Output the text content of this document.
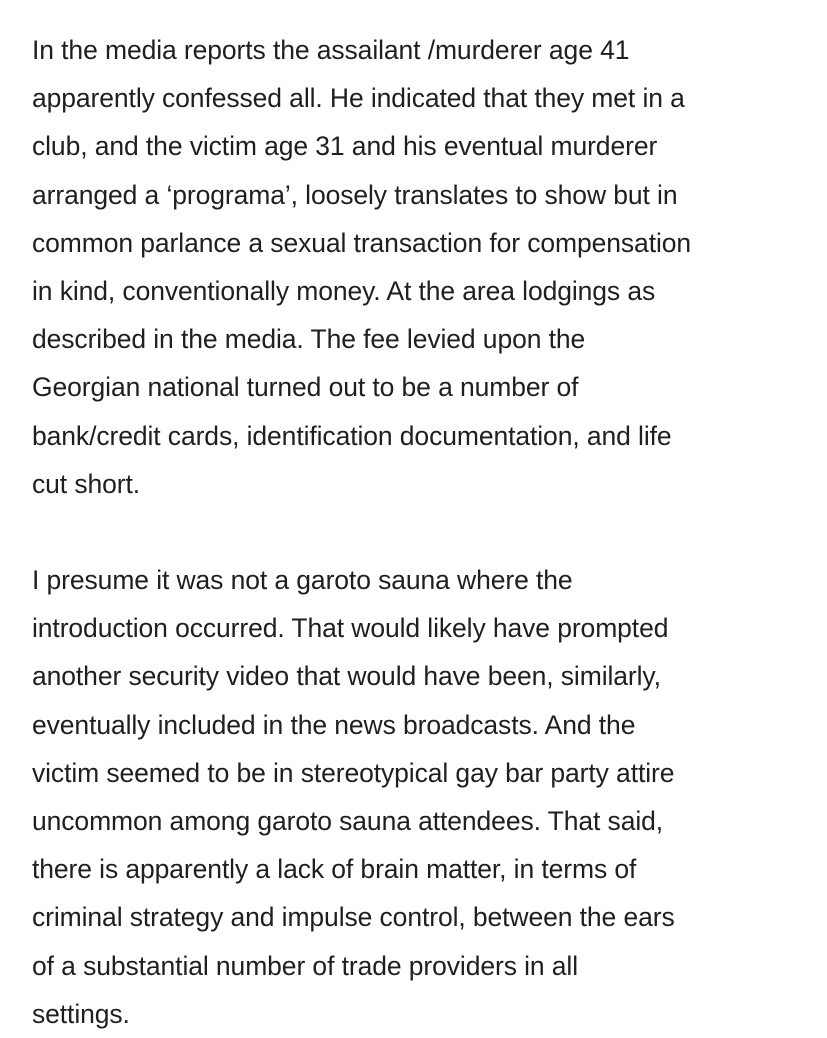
In the media reports the assailant /murderer age 41
apparently confessed all. He indicated that they met in a
club, and the victim age 31 and his eventual murderer
arranged a ‘programa’, loosely translates to show but in
common parlance a sexual transaction for compensation
in kind, conventionally money. At the area lodgings as
described in the media. The fee levied upon the
Georgian national turned out to be a number of
bank/credit cards, identification documentation, and life
cut short.

I presume it was not a garoto sauna where the
introduction occurred. That would likely have prompted
another security video that would have been, similarly,
eventually included in the news broadcasts. And the
victim seemed to be in stereotypical gay bar party attire
uncommon among garoto sauna attendees. That said,
there is apparently a lack of brain matter, in terms of
criminal strategy and impulse control, between the ears
of a substantial number of trade providers in all
settings.
